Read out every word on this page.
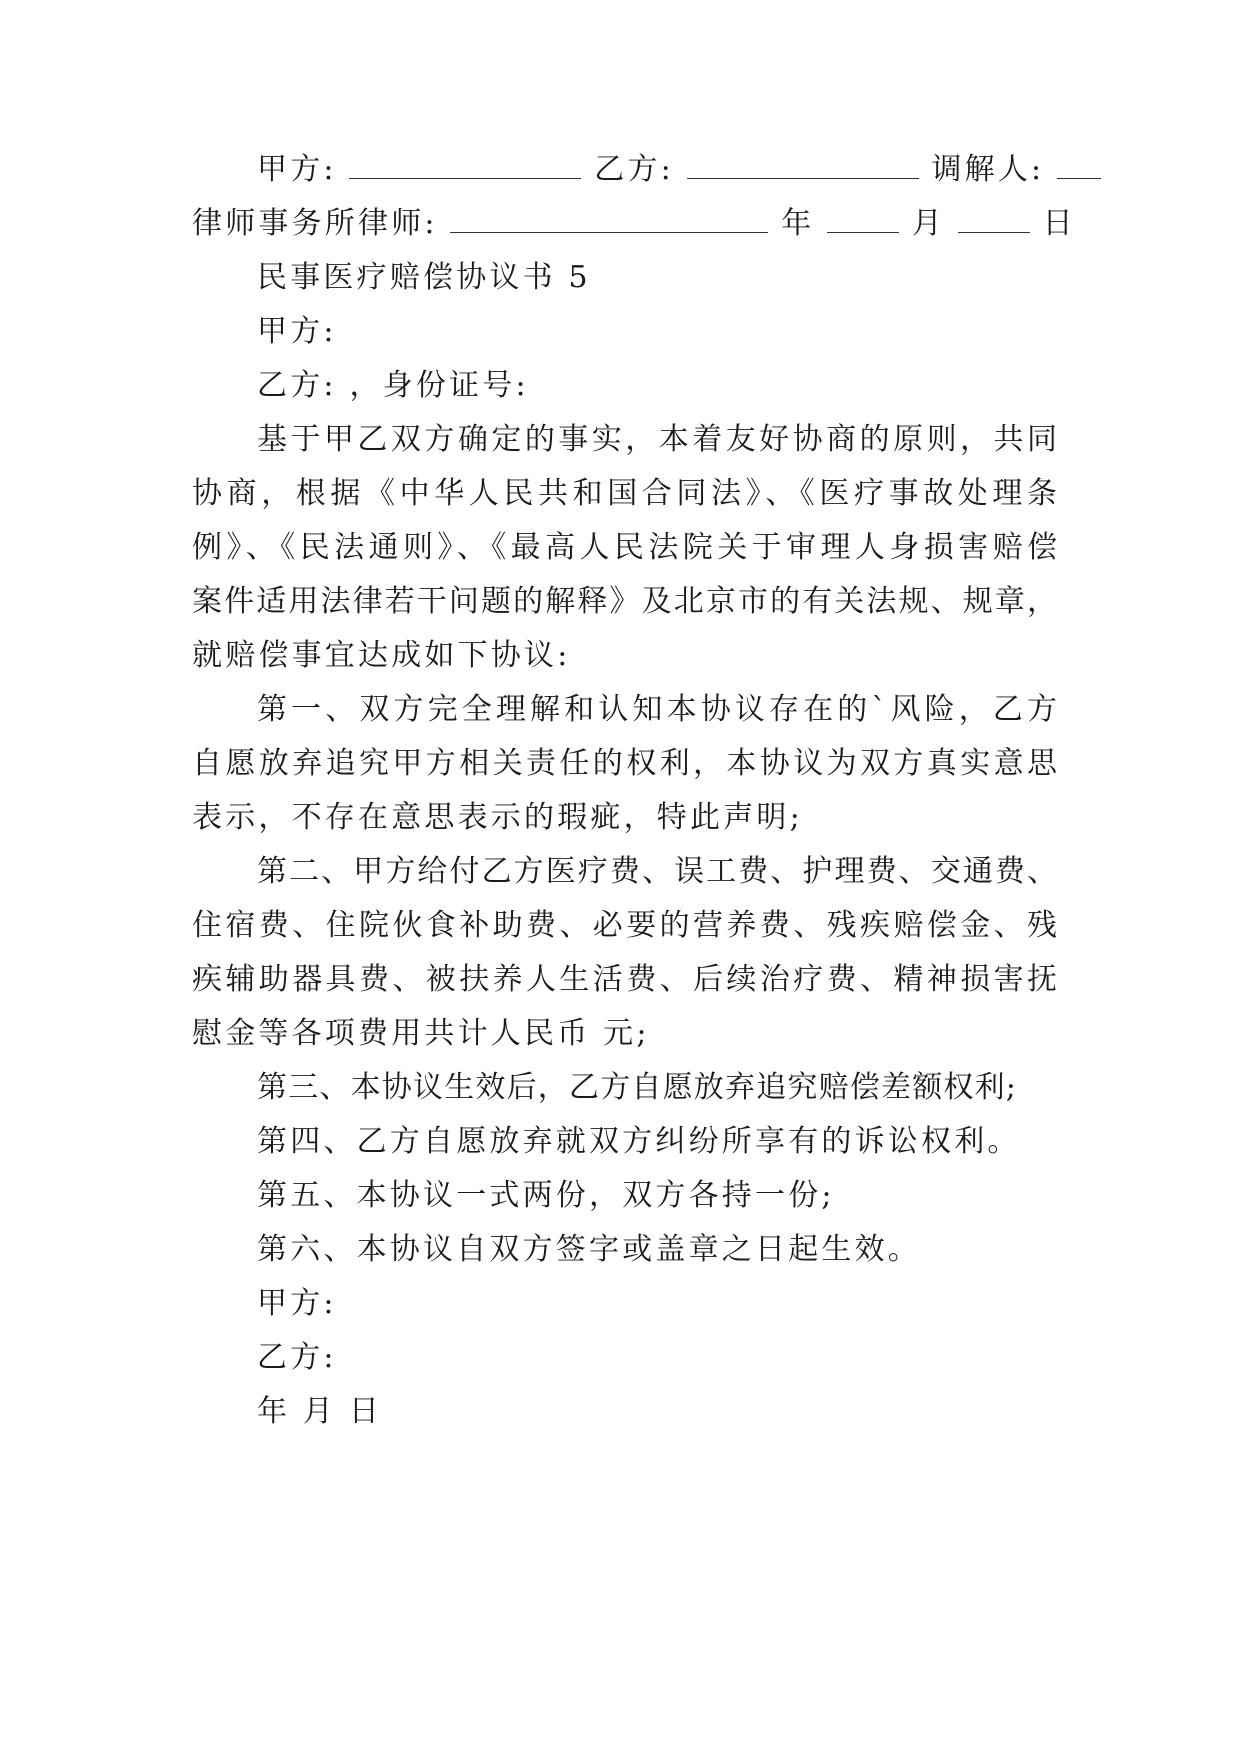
甲方:	乙方:	调解人:
律师事务所律师:	年	月	日
民事医疗赔偿协议书 5
甲方:
乙方: ，身份证号:
基于甲乙双方确定的事实，本着友好协商的原则，共同
协商，根据《中华人民共和国合同法》、《医疗事故处理条
例》、《民法通则》、《最高人民法院关于审理人身损害赔偿
案件适用法律若干问题的解释》及北京市的有关法规、规章，
就赔偿事宜达成如下协议:
第一、双方完全理解和认知本协议存在的`风险，乙方
自愿放弃追究甲方相关责任的权利，本协议为双方真实意思
表示，不存在意思表示的瑕疵，特此声明;
第二、甲方给付乙方医疗费、误工费、护理费、交通费、
住宿费、住院伙食补助费、必要的营养费、残疾赔偿金、残
疾辅助器具费、被扶养人生活费、后续治疗费、精神损害抚
慰金等各项费用共计人民币 元;
第三、本协议生效后，乙方自愿放弃追究赔偿差额权利;
第四、乙方自愿放弃就双方纠纷所享有的诉讼权利。
第五、本协议一式两份，双方各持一份;
第六、本协议自双方签字或盖章之日起生效。
甲方:
乙方:
年 月 日
